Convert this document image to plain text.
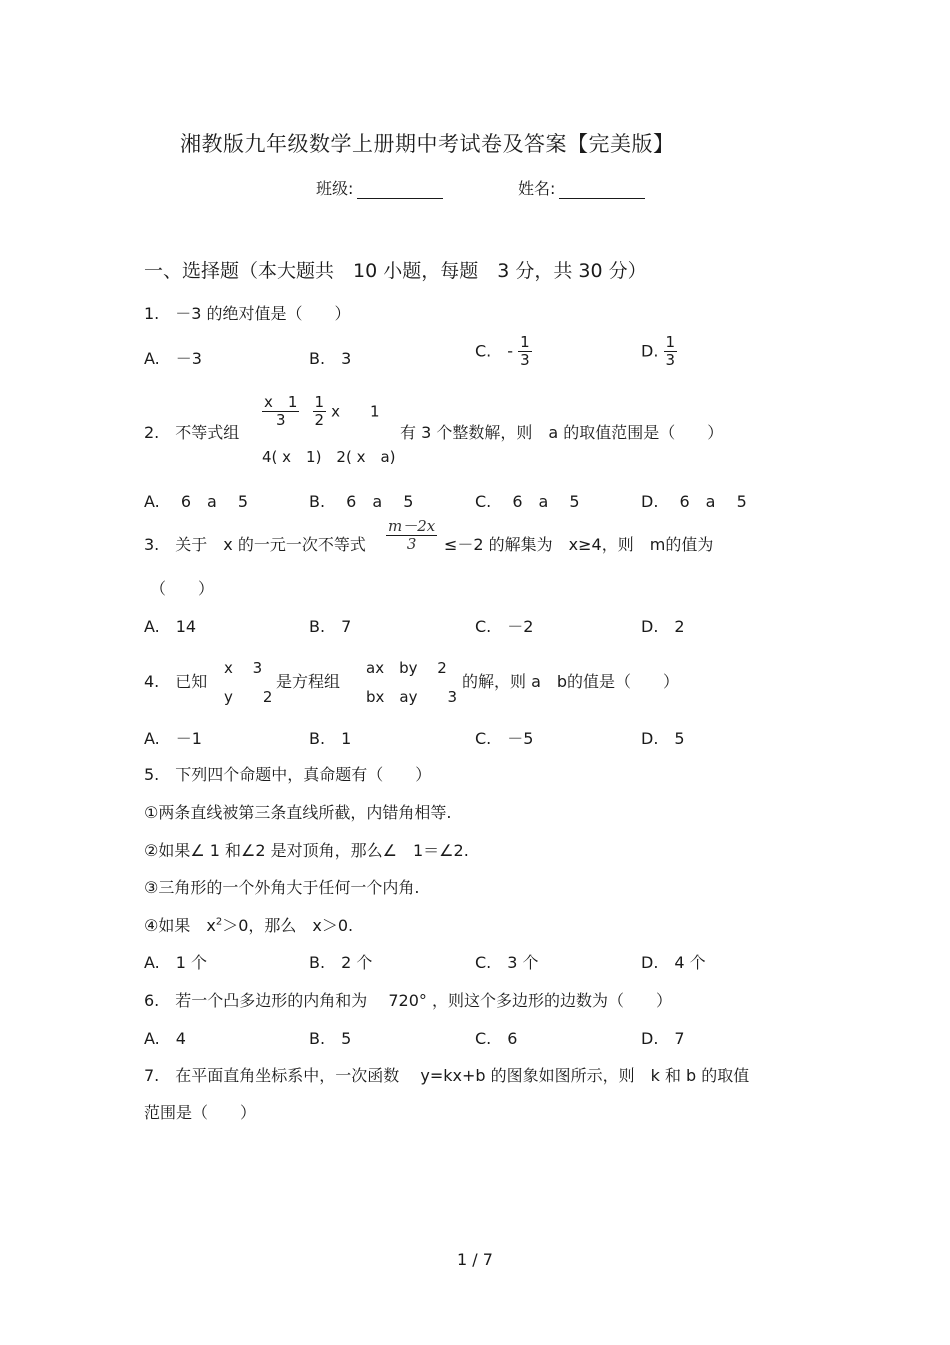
湘教版九年级数学上册期中考试卷及答案【完美版】
班级:	姓名:
一、选择题（本大题共　10 小题，每题　3 分，共 30 分）
1.　－3 的绝对值是（　　）
A.　－3	B.　3	C.　- $\frac{1}{3}$	D. $\frac{1}{3}$
2.　不等式组
$\frac{x 1}{3}$
$\frac{1}{2}$ x　　1
4( x　1)　2( x　a)
有 3 个整数解，则　a 的取值范围是（　　）
A.　 6　a　 5	B.　 6　a　 5	C.　 6　a　 5	D.　 6　a　 5
3.　关于　x 的一元一次不等式 $\frac{m-2x}{3} \le-2$ 的解集为　x≥4，则　m的值为
（　　）
A.　14	B.　7	C.　－2	D.　2
4.　已知
x　 3
y　　2
是方程组
ax　by　 2
bx　ay　　3
的解，则 a　b的值是（　　）
A.　－1	B.　1	C.　－5	D.　5
5.　下列四个命题中，真命题有（　　）
①两条直线被第三条直线所截，内错角相等.
②如果∠ 1 和∠2 是对顶角，那么∠　1＝∠2.
③三角形的一个外角大于任何一个内角.
④如果　$x^2>0$，那么　x＞0.
A.　1 个	B.　2 个	C.　3 个	D.　4 个
6.　若一个凸多边形的内角和为　 720° ，则这个多边形的边数为（　　）
A.　4	B.　5	C.　6	D.　7
7.　在平面直角坐标系中，一次函数　 y=kx+b 的图象如图所示，则　k 和 b 的取值
范围是（　　）
1 / 7
